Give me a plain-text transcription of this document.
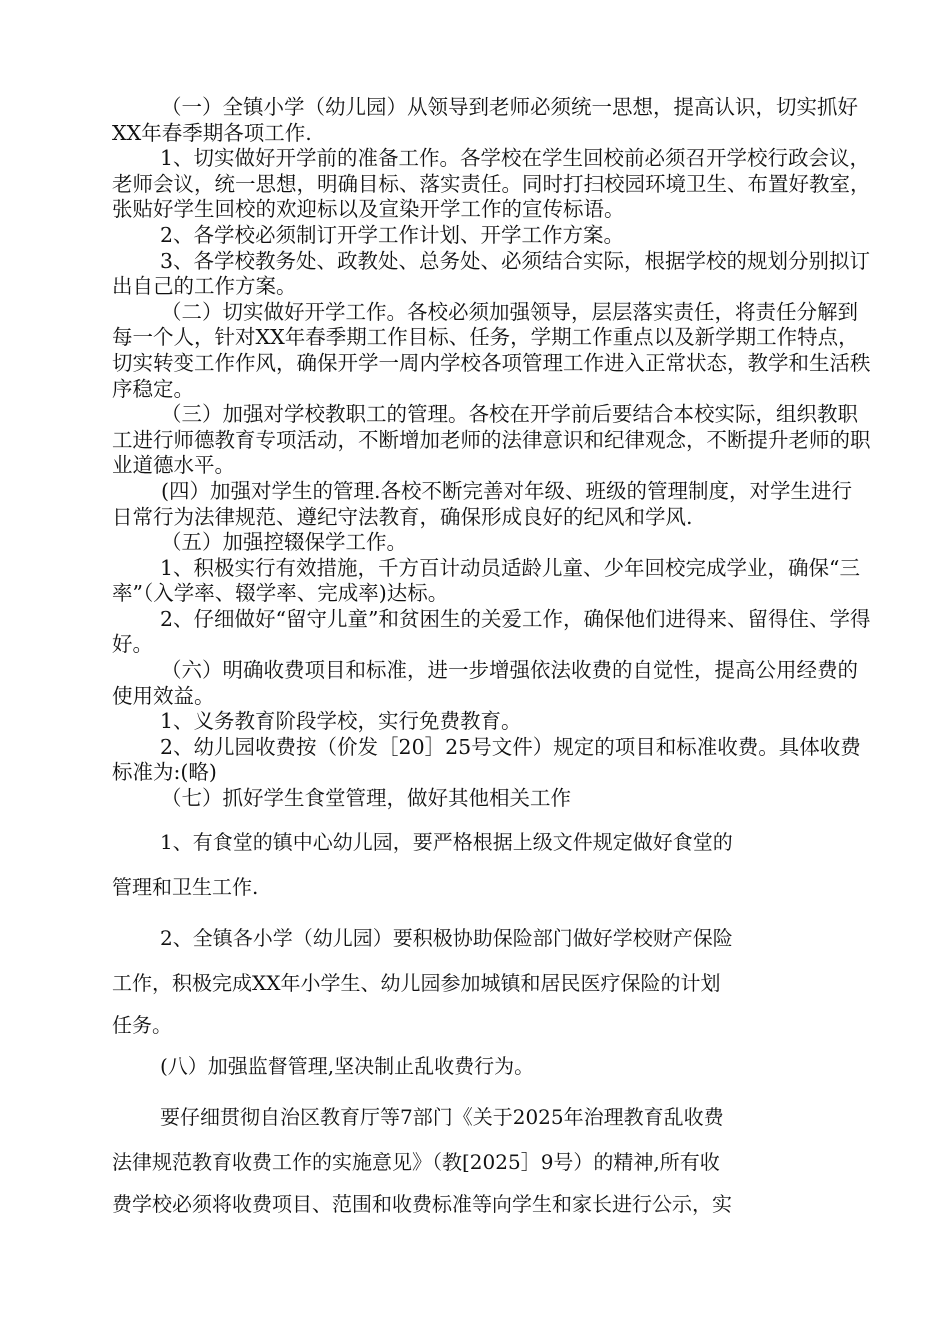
（一）全镇小学（幼儿园）从领导到老师必须统一思想，提高认识，切实抓好XX年春季期各项工作.

1、切实做好开学前的准备工作。各学校在学生回校前必须召开学校行政会议，老师会议，统一思想，明确目标、落实责任。同时打扫校园环境卫生、布置好教室，张贴好学生回校的欢迎标以及宣染开学工作的宣传标语。

2、各学校必须制订开学工作计划、开学工作方案。

3、各学校教务处、政教处、总务处、必须结合实际，根据学校的规划分别拟订出自己的工作方案。

（二）切实做好开学工作。各校必须加强领导，层层落实责任，将责任分解到每一个人，针对XX年春季期工作目标、任务，学期工作重点以及新学期工作特点，切实转变工作作风，确保开学一周内学校各项管理工作进入正常状态，教学和生活秩序稳定。

（三）加强对学校教职工的管理。各校在开学前后要结合本校实际，组织教职工进行师德教育专项活动，不断增加老师的法律意识和纪律观念，不断提升老师的职业道德水平。

(四）加强对学生的管理.各校不断完善对年级、班级的管理制度，对学生进行日常行为法律规范、遵纪守法教育，确保形成良好的纪风和学风.

（五）加强控辍保学工作。

1、积极实行有效措施，千方百计动员适龄儿童、少年回校完成学业，确保“三率”（入学率、辍学率、完成率)达标。

2、仔细做好“留守儿童”和贫困生的关爱工作，确保他们进得来、留得住、学得好。

（六）明确收费项目和标准，进一步增强依法收费的自觉性，提高公用经费的使用效益。

1、义务教育阶段学校，实行免费教育。

2、幼儿园收费按（价发［20］25号文件）规定的项目和标准收费。具体收费标准为:(略)

（七）抓好学生食堂管理，做好其他相关工作

1、有食堂的镇中心幼儿园，要严格根据上级文件规定做好食堂的

管理和卫生工作.

2、全镇各小学（幼儿园）要积极协助保险部门做好学校财产保险

工作，积极完成XX年小学生、幼儿园参加城镇和居民医疗保险的计划

任务。

(八）加强监督管理,坚决制止乱收费行为。

要仔细贯彻自治区教育厅等7部门《关于2025年治理教育乱收费

法律规范教育收费工作的实施意见》（教[2025］9号）的精神,所有收

费学校必须将收费项目、范围和收费标准等向学生和家长进行公示，实
